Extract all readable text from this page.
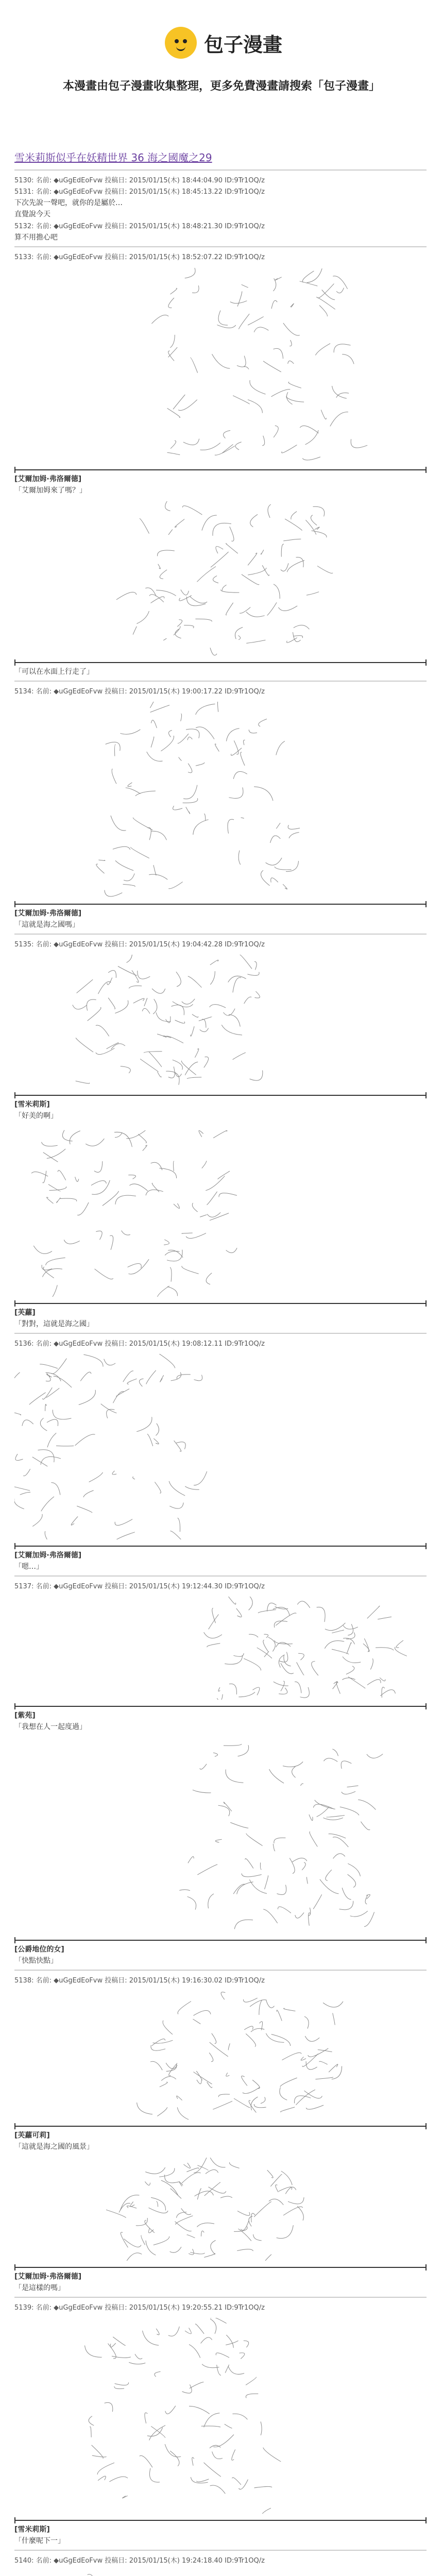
包子漫畫
本漫畫由包子漫畫收集整理，更多免費漫畫請搜索「包子漫畫」
雪米莉斯似乎在妖精世界 36 海之國魔之29
5130: 名前: ◆uGgEdEoFvw 投稿日: 2015/01/15(木) 18:44:04.90 ID:9Tr1OQ/z
5131: 名前: ◆uGgEdEoFvw 投稿日: 2015/01/15(木) 18:45:13.22 ID:9Tr1OQ/z
下次先說一聲吧，就你的是屬於…
直覺說今天
5132: 名前: ◆uGgEdEoFvw 投稿日: 2015/01/15(木) 18:48:21.30 ID:9Tr1OQ/z
算不用擔心吧
5133: 名前: ◆uGgEdEoFvw 投稿日: 2015/01/15(木) 18:52:07.22 ID:9Tr1OQ/z
[艾爾加姆·弗洛爾德]
「艾爾加姆來了嗎？」
「可以在水面上行走了」
5134: 名前: ◆uGgEdEoFvw 投稿日: 2015/01/15(木) 19:00:17.22 ID:9Tr1OQ/z
[艾爾加姆·弗洛爾德]
「這就是海之國嗎」
5135: 名前: ◆uGgEdEoFvw 投稿日: 2015/01/15(木) 19:04:42.28 ID:9Tr1OQ/z
[雪米莉斯]
「好美的啊」
[芙蘿]
「對對，這就是海之國」
5136: 名前: ◆uGgEdEoFvw 投稿日: 2015/01/15(木) 19:08:12.11 ID:9Tr1OQ/z
[艾爾加姆·弗洛爾德]
「嗯…」
5137: 名前: ◆uGgEdEoFvw 投稿日: 2015/01/15(木) 19:12:44.30 ID:9Tr1OQ/z
[紫苑]
「我想在人一起度過」
[公爵地位的女]
「快點快點」
5138: 名前: ◆uGgEdEoFvw 投稿日: 2015/01/15(木) 19:16:30.02 ID:9Tr1OQ/z
[芙蘿可莉]
「這就是海之國的風景」
[艾爾加姆·弗洛爾德]
「是這樣的嗎」
5139: 名前: ◆uGgEdEoFvw 投稿日: 2015/01/15(木) 19:20:55.21 ID:9Tr1OQ/z
[雪米莉斯]
「什麼呢下一」
5140: 名前: ◆uGgEdEoFvw 投稿日: 2015/01/15(木) 19:24:18.40 ID:9Tr1OQ/z
